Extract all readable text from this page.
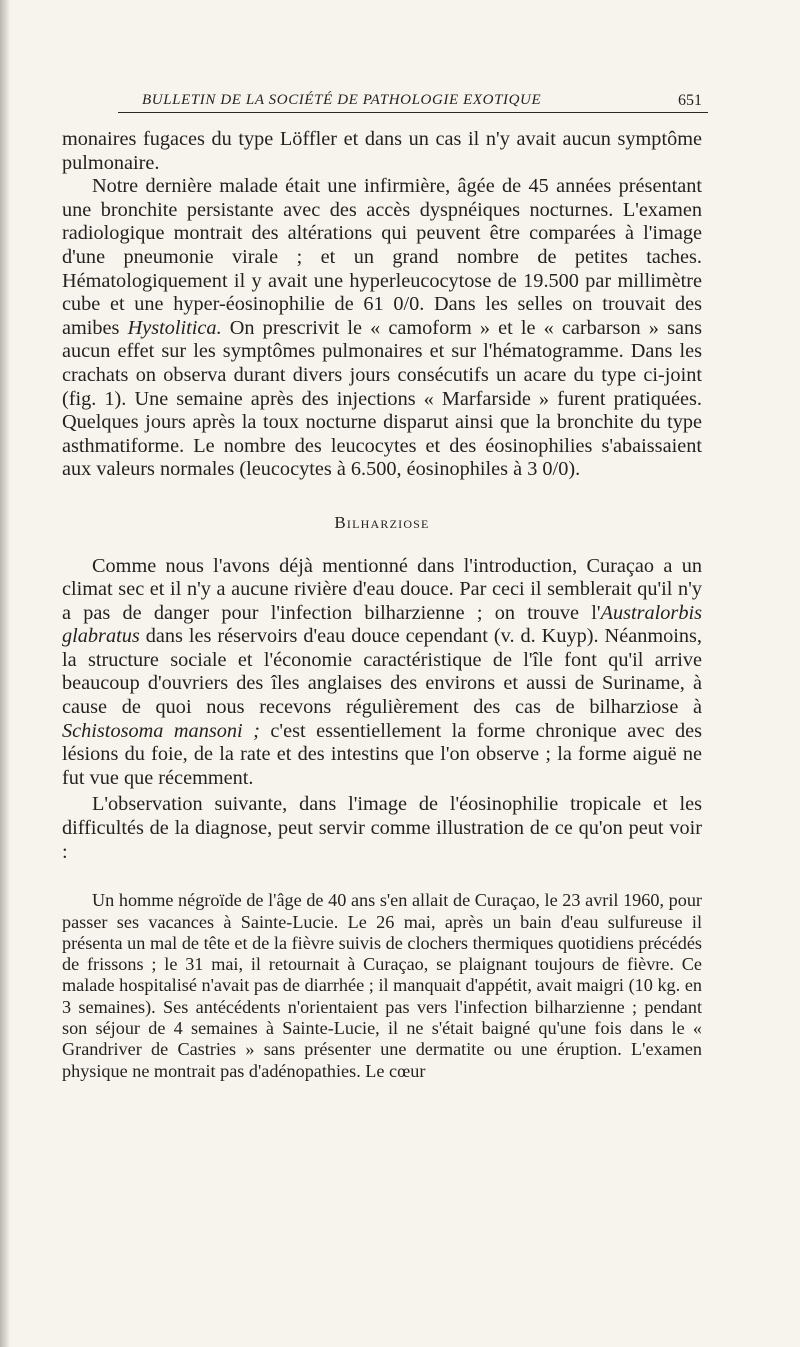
BULLETIN DE LA SOCIÉTÉ DE PATHOLOGIE EXOTIQUE	651

monaires fugaces du type Löffler et dans un cas il n'y avait aucun symptôme pulmonaire.

Notre dernière malade était une infirmière, âgée de 45 années présentant une bronchite persistante avec des accès dyspnéiques nocturnes. L'examen radiologique montrait des altérations qui peuvent être comparées à l'image d'une pneumonie virale ; et un grand nombre de petites taches. Hématologiquement il y avait une hyperleucocytose de 19.500 par millimètre cube et une hyper-éosinophilie de 61 0/0. Dans les selles on trouvait des amibes Hystolitica. On prescrivit le « camoform » et le « carbarson » sans aucun effet sur les symptômes pulmonaires et sur l'hématogramme. Dans les crachats on observa durant divers jours consécutifs un acare du type ci-joint (fig. 1). Une semaine après des injections « Marfarside » furent pratiquées. Quelques jours après la toux nocturne disparut ainsi que la bronchite du type asthmatiforme. Le nombre des leucocytes et des éosinophilies s'abaissaient aux valeurs normales (leucocytes à 6.500, éosinophiles à 3 0/0).

Bilharziose

Comme nous l'avons déjà mentionné dans l'introduction, Curaçao a un climat sec et il n'y a aucune rivière d'eau douce. Par ceci il semblerait qu'il n'y a pas de danger pour l'infection bilharzienne ; on trouve l'Australorbis glabratus dans les réservoirs d'eau douce cependant (v. d. Kuyp). Néanmoins, la structure sociale et l'économie caractéristique de l'île font qu'il arrive beaucoup d'ouvriers des îles anglaises des environs et aussi de Suriname, à cause de quoi nous recevons régulièrement des cas de bilharziose à Schistosoma mansoni ; c'est essentiellement la forme chronique avec des lésions du foie, de la rate et des intestins que l'on observe ; la forme aiguë ne fut vue que récemment.

L'observation suivante, dans l'image de l'éosinophilie tropicale et les difficultés de la diagnose, peut servir comme illustration de ce qu'on peut voir :

Un homme négroïde de l'âge de 40 ans s'en allait de Curaçao, le 23 avril 1960, pour passer ses vacances à Sainte-Lucie. Le 26 mai, après un bain d'eau sulfureuse il présenta un mal de tête et de la fièvre suivis de clochers thermiques quotidiens précédés de frissons ; le 31 mai, il retournait à Curaçao, se plaignant toujours de fièvre. Ce malade hospitalisé n'avait pas de diarrhée ; il manquait d'appétit, avait maigri (10 kg. en 3 semaines). Ses antécédents n'orientaient pas vers l'infection bilharzienne ; pendant son séjour de 4 semaines à Sainte-Lucie, il ne s'était baigné qu'une fois dans le « Grandriver de Castries » sans présenter une dermatite ou une éruption. L'examen physique ne montrait pas d'adénopathies. Le cœur
